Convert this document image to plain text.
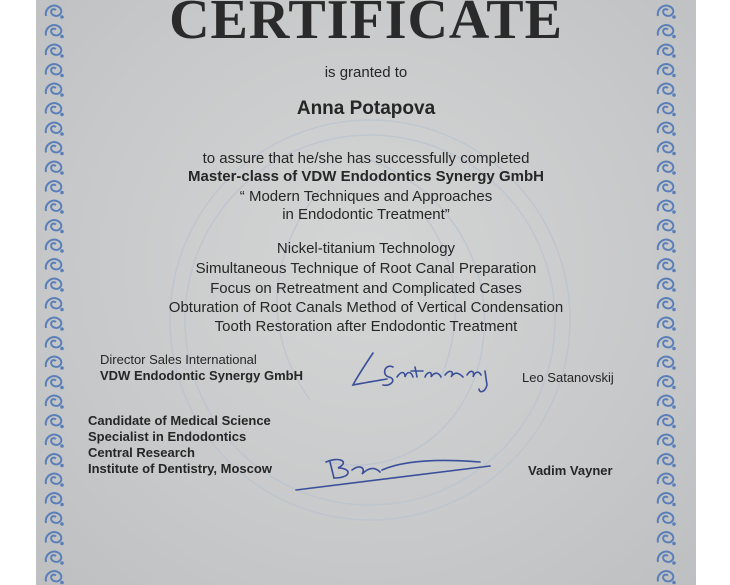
CERTIFICATE
is granted to
Anna Potapova
to assure that he/she has successfully completed
Master-class of VDW Endodontics Synergy GmbH
“ Modern Techniques and Approaches
in Endodontic Treatment”
Nickel-titanium Technology
Simultaneous Technique of Root Canal Preparation
Focus on Retreatment and Complicated Cases
Obturation of Root Canals Method of Vertical Condensation
Tooth Restoration after Endodontic Treatment
Director Sales International
VDW Endodontic Synergy GmbH	Leo Satanovskij
Candidate of Medical Science
Specialist in Endodontics
Central Research
Institute of Dentistry, Moscow	Vadim Vayner
